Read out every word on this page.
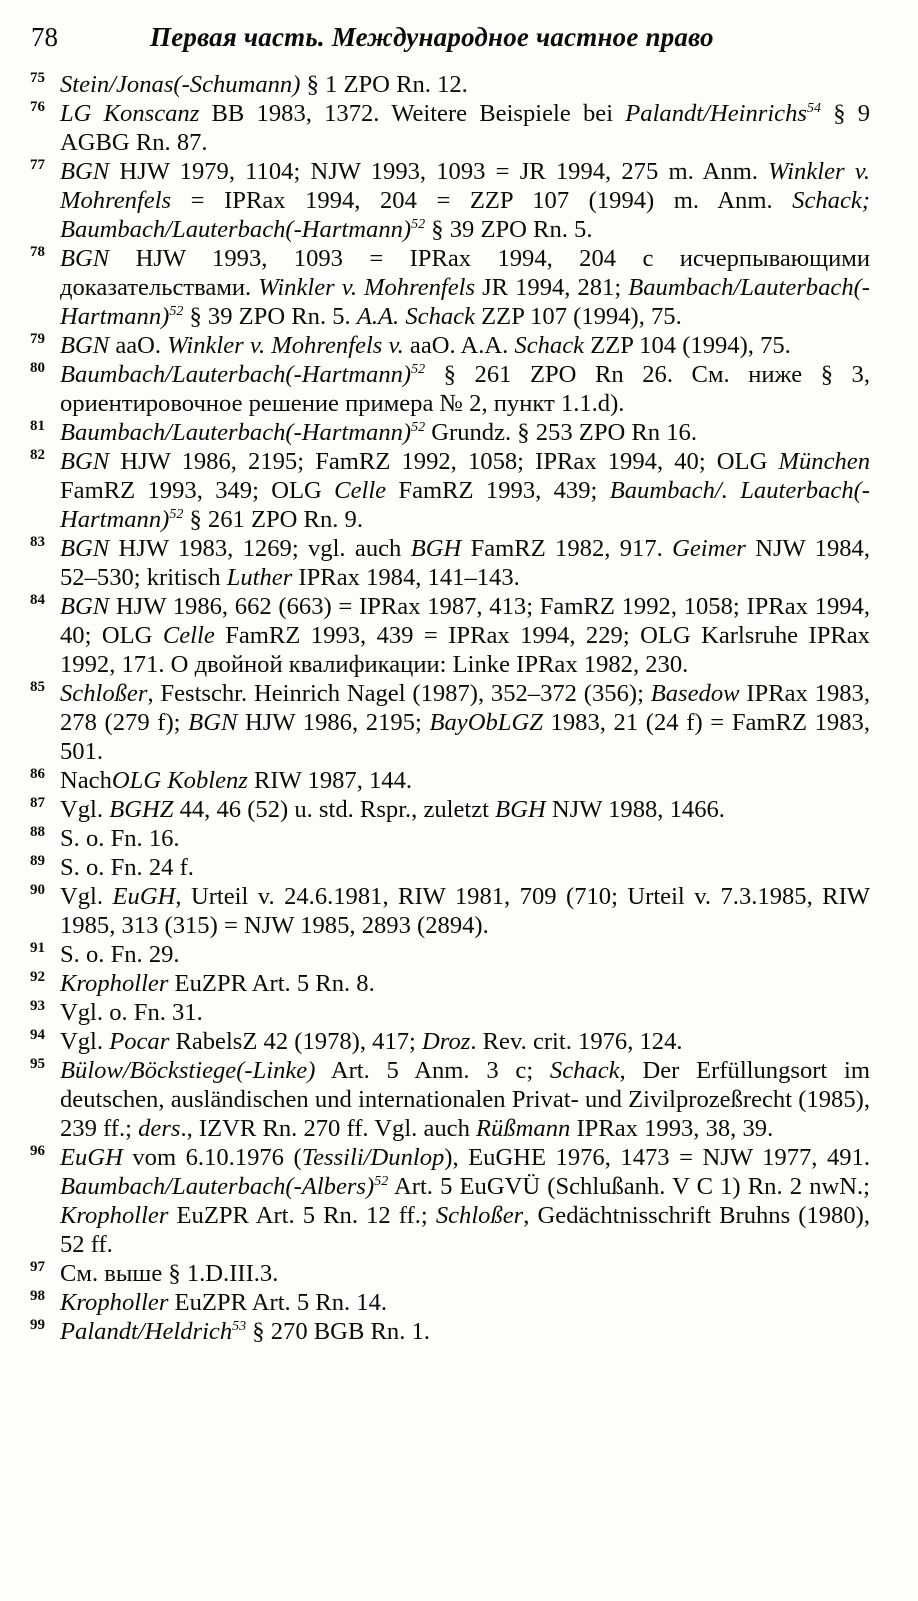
78	Первая часть. Международное частное право
75 Stein/Jonas(-Schumann) § 1 ZPO Rn. 12.
76 LG Konscanz BB 1983, 1372. Weitere Beispiele bei Palandt/Heinrichs$^{54}$ § 9 AGBG Rn. 87.
77 BGN HJW 1979, 1104; NJW 1993, 1093 = JR 1994, 275 m. Anm. Winkler v. Mohrenfels = IPRax 1994, 204 = ZZP 107 (1994) m. Anm. Schack; Baumbach/Lauterbach(-Hartmann)$^{52}$ § 39 ZPO Rn. 5.
78 BGN HJW 1993, 1093 = IPRax 1994, 204 с исчерпывающими доказательствами. Winkler v. Mohrenfels JR 1994, 281; Baumbach/Lauterbach(-Hartmann)$^{52}$ § 39 ZPO Rn. 5. A.A. Schack ZZP 107 (1994), 75.
79 BGN aaO. Winkler v. Mohrenfels v. aaO. A.A. Schack ZZP 104 (1994), 75.
80 Baumbach/Lauterbach(-Hartmann)$^{52}$ § 261 ZPO Rn 26. См. ниже § 3, ориентировочное решение примера № 2, пункт 1.1.d).
81 Baumbach/Lauterbach(-Hartmann)$^{52}$ Grundz. § 253 ZPO Rn 16.
82 BGN HJW 1986, 2195; FamRZ 1992, 1058; IPRax 1994, 40; OLG München FamRZ 1993, 349; OLG Celle FamRZ 1993, 439; Baumbach/. Lauterbach(-Hartmann)$^{52}$ § 261 ZPO Rn. 9.
83 BGN HJW 1983, 1269; vgl. auch BGH FamRZ 1982, 917. Geimer NJW 1984, 52–530; kritisch Luther IPRax 1984, 141–143.
84 BGN HJW 1986, 662 (663) = IPRax 1987, 413; FamRZ 1992, 1058; IPRax 1994, 40; OLG Celle FamRZ 1993, 439 = IPRax 1994, 229; OLG Karlsruhe IPRax 1992, 171. О двойной квалификации: Linke IPRax 1982, 230.
85 Schloßer, Festschr. Heinrich Nagel (1987), 352–372 (356); Basedow IPRax 1983, 278 (279 f); BGN HJW 1986, 2195; BayObLGZ 1983, 21 (24 f) = FamRZ 1983, 501.
86 NachOLG Koblenz RIW 1987, 144.
87 Vgl. BGHZ 44, 46 (52) u. std. Rspr., zuletzt BGH NJW 1988, 1466.
88 S. o. Fn. 16.
89 S. o. Fn. 24 f.
90 Vgl. EuGH, Urteil v. 24.6.1981, RIW 1981, 709 (710; Urteil v. 7.3.1985, RIW 1985, 313 (315) = NJW 1985, 2893 (2894).
91 S. o. Fn. 29.
92 Kropholler EuZPR Art. 5 Rn. 8.
93 Vgl. o. Fn. 31.
94 Vgl. Pocar RabelsZ 42 (1978), 417; Droz. Rev. crit. 1976, 124.
95 Bülow/Böckstiege(-Linke) Art. 5 Anm. 3 c; Schack, Der Erfüllungsort im deutschen, ausländischen und internationalen Privat- und Zivilprozeßrecht (1985), 239 ff.; ders., IZVR Rn. 270 ff. Vgl. auch Rüßmann IPRax 1993, 38, 39.
96 EuGH vom 6.10.1976 (Tessili/Dunlop), EuGHE 1976, 1473 = NJW 1977, 491. Baumbach/Lauterbach(-Albers)$^{52}$ Art. 5 EuGVÜ (Schlußanh. V C 1) Rn. 2 nwN.; Kropholler EuZPR Art. 5 Rn. 12 ff.; Schloßer, Gedächtnisschrift Bruhns (1980), 52 ff.
97 См. выше § 1.D.III.3.
98 Kropholler EuZPR Art. 5 Rn. 14.
99 Palandt/Heldrich$^{53}$ § 270 BGB Rn. 1.
